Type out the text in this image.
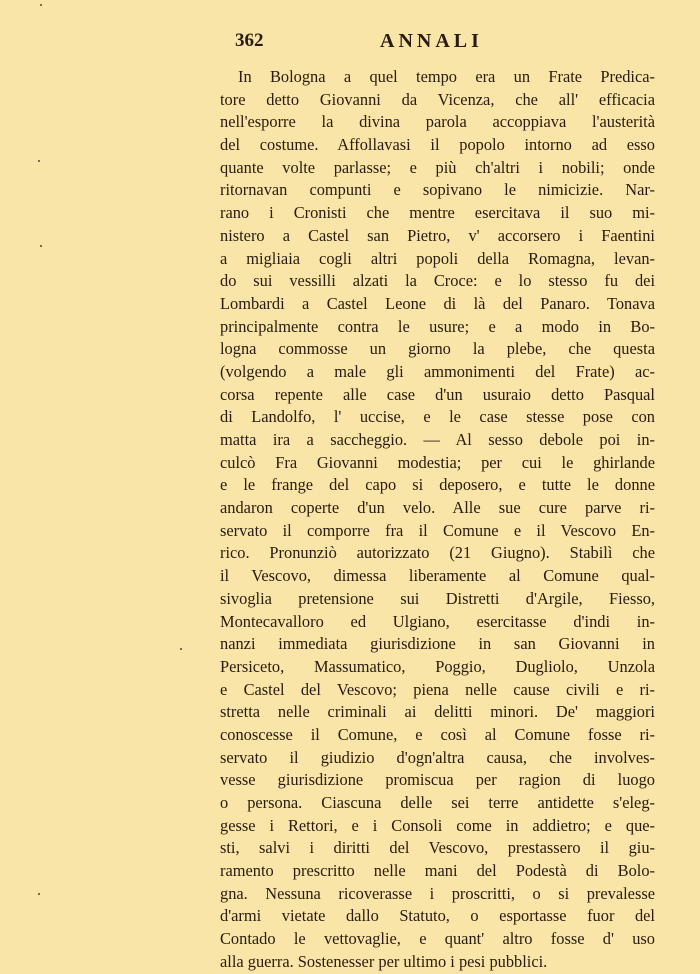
362	ANNALI
In Bologna a quel tempo era un Frate Predica-
tore detto Giovanni da Vicenza, che all' efficacia
nell'esporre la divina parola accoppiava l'austerità
del costume. Affollavasi il popolo intorno ad esso
quante volte parlasse; e più ch'altri i nobili; onde
ritornavan compunti e sopivano le nimicizie. Nar-
rano i Cronisti che mentre esercitava il suo mi-
nistero a Castel san Pietro, v' accorsero i Faentini
a migliaia cogli altri popoli della Romagna, levan-
do sui vessilli alzati la Croce: e lo stesso fu dei
Lombardi a Castel Leone di là del Panaro. Tonava
principalmente contra le usure; e a modo in Bo-
logna commosse un giorno la plebe, che questa
(volgendo a male gli ammonimenti del Frate) ac-
corsa repente alle case d'un usuraio detto Pasqual
di Landolfo, l' uccise, e le case stesse pose con
matta ira a saccheggio. — Al sesso debole poi in-
culcò Fra Giovanni modestia; per cui le ghirlande
e le frange del capo si deposero, e tutte le donne
andaron coperte d'un velo. Alle sue cure parve ri-
servato il comporre fra il Comune e il Vescovo En-
rico. Pronunziò autorizzato (21 Giugno). Stabilì che
il Vescovo, dimessa liberamente al Comune qual-
sivoglia pretensione sui Distretti d'Argile, Fiesso,
Montecavalloro ed Ulgiano, esercitasse d'indi in-
nanzi immediata giurisdizione in san Giovanni in
Persiceto, Massumatico, Poggio, Dugliolo, Unzola
e Castel del Vescovo; piena nelle cause civili e ri-
stretta nelle criminali ai delitti minori. De' maggiori
conoscesse il Comune, e così al Comune fosse ri-
servato il giudizio d'ogn'altra causa, che involves-
vesse giurisdizione promiscua per ragion di luogo
o persona. Ciascuna delle sei terre antidette s'eleg-
gesse i Rettori, e i Consoli come in addietro; e que-
sti, salvi i diritti del Vescovo, prestassero il giu-
ramento prescritto nelle mani del Podestà di Bolo-
gna. Nessuna ricoverasse i proscritti, o si prevalesse
d'armi vietate dallo Statuto, o esportasse fuor del
Contado le vettovaglie, e quant' altro fosse d' uso
alla guerra. Sostenesser per ultimo i pesi pubblici.
